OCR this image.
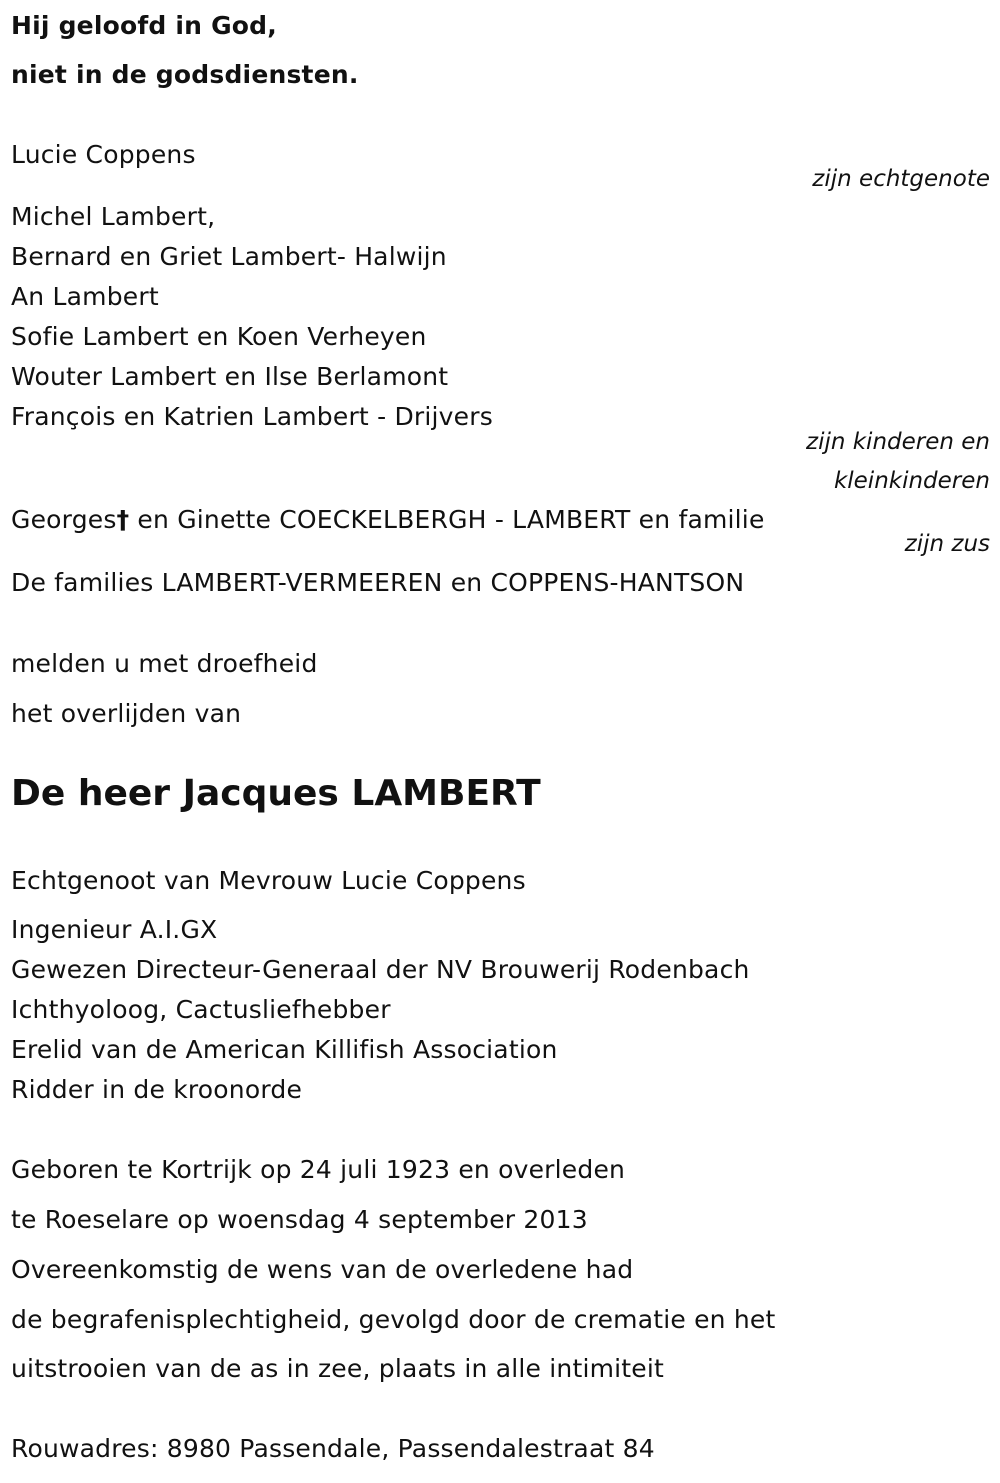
Hij geloofd in God,
niet in de godsdiensten.
Lucie Coppens
zijn echtgenote
Michel Lambert,
Bernard en Griet Lambert- Halwijn
An Lambert
Sofie Lambert en Koen Verheyen
Wouter Lambert en Ilse Berlamont
François en Katrien Lambert - Drijvers
zijn kinderen en
kleinkinderen
Georges† en Ginette COECKELBERGH - LAMBERT en familie
zijn zus
De families LAMBERT-VERMEEREN en COPPENS-HANTSON
melden u met droefheid
het overlijden van
De heer Jacques LAMBERT
Echtgenoot van Mevrouw Lucie Coppens
Ingenieur A.I.GX
Gewezen Directeur-Generaal der NV Brouwerij Rodenbach
Ichthyoloog, Cactusliefhebber
Erelid van de American Killifish Association
Ridder in de kroonorde
Geboren te Kortrijk op 24 juli 1923 en overleden
te Roeselare op woensdag 4 september 2013
Overeenkomstig de wens van de overledene had
de begrafenisplechtigheid, gevolgd door de crematie en het
uitstrooien van de as in zee, plaats in alle intimiteit
Rouwadres: 8980 Passendale, Passendalestraat 84
